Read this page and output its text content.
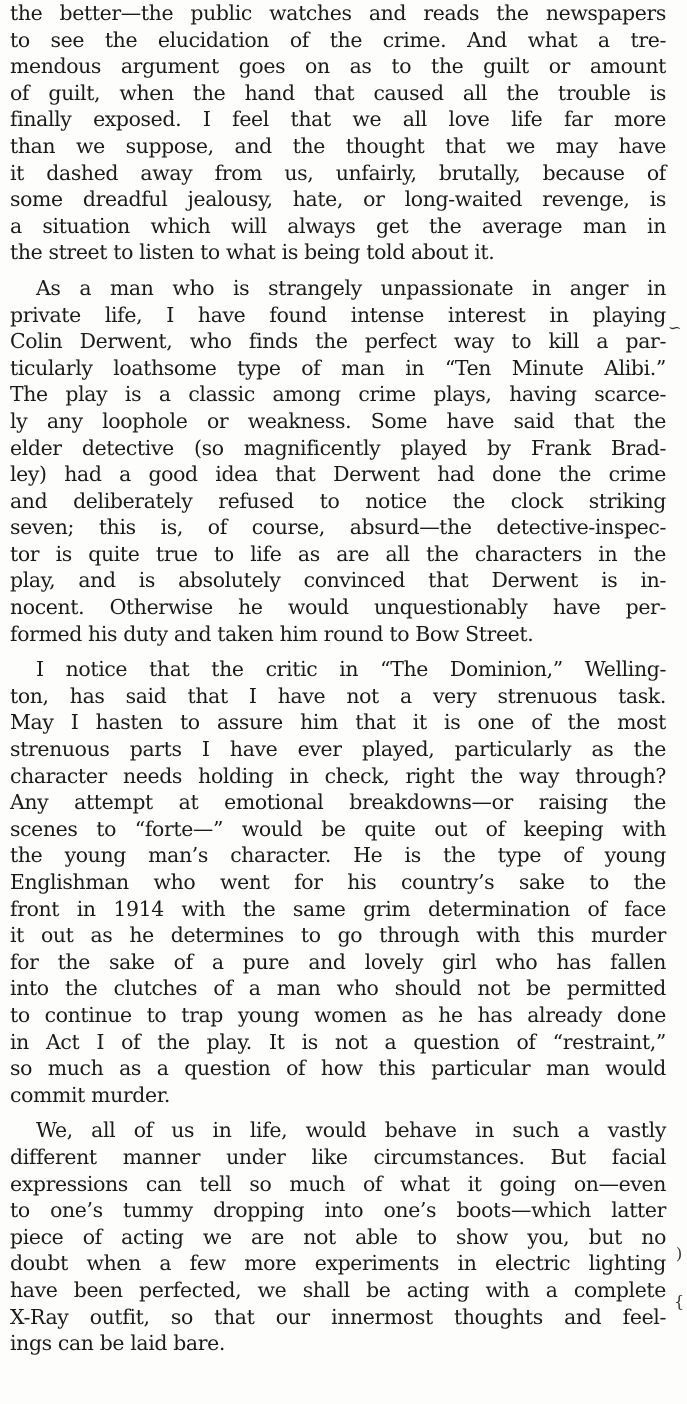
the better—the public watches and reads the newspapers
to see the elucidation of the crime. And what a tre-
mendous argument goes on as to the guilt or amount
of guilt, when the hand that caused all the trouble is
finally exposed. I feel that we all love life far more
than we suppose, and the thought that we may have
it dashed away from us, unfairly, brutally, because of
some dreadful jealousy, hate, or long-waited revenge, is
a situation which will always get the average man in
the street to listen to what is being told about it.
As a man who is strangely unpassionate in anger in
private life, I have found intense interest in playing
Colin Derwent, who finds the perfect way to kill a par-
ticularly loathsome type of man in “Ten Minute Alibi.”
The play is a classic among crime plays, having scarce-
ly any loophole or weakness. Some have said that the
elder detective (so magnificently played by Frank Brad-
ley) had a good idea that Derwent had done the crime
and deliberately refused to notice the clock striking
seven; this is, of course, absurd—the detective-inspec-
tor is quite true to life as are all the characters in the
play, and is absolutely convinced that Derwent is in-
nocent. Otherwise he would unquestionably have per-
formed his duty and taken him round to Bow Street.
I notice that the critic in “The Dominion,” Welling-
ton, has said that I have not a very strenuous task.
May I hasten to assure him that it is one of the most
strenuous parts I have ever played, particularly as the
character needs holding in check, right the way through?
Any attempt at emotional breakdowns—or raising the
scenes to “forte—” would be quite out of keeping with
the young man’s character. He is the type of young
Englishman who went for his country’s sake to the
front in 1914 with the same grim determination of face
it out as he determines to go through with this murder
for the sake of a pure and lovely girl who has fallen
into the clutches of a man who should not be permitted
to continue to trap young women as he has already done
in Act I of the play. It is not a question of “restraint,”
so much as a question of how this particular man would
commit murder.
We, all of us in life, would behave in such a vastly
different manner under like circumstances. But facial
expressions can tell so much of what it going on—even
to one’s tummy dropping into one’s boots—which latter
piece of acting we are not able to show you, but no
doubt when a few more experiments in electric lighting
have been perfected, we shall be acting with a complete
X-Ray outfit, so that our innermost thoughts and feel-
ings can be laid bare.
∽
)
{
